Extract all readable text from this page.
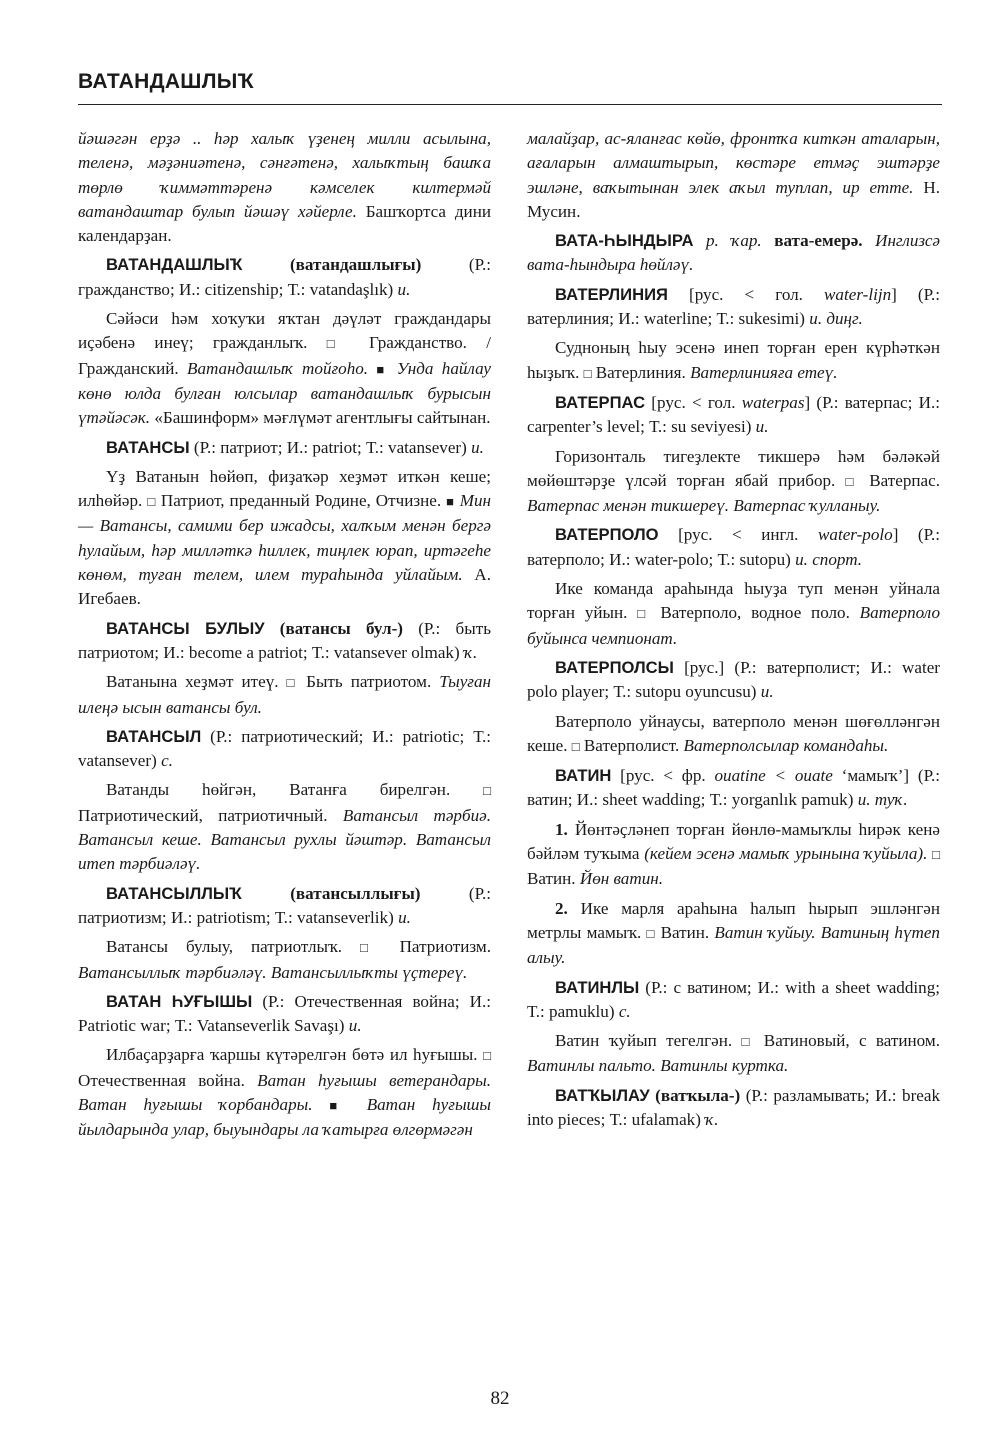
ВАТАНДАШЛЫҠ

йәшәгән ерҙә .. һәр халыҡ үҙенең милли асылына, теленә, мәҙәниәтенә, сәнғәтенә, халыҡтың башҡа төрлө ҡиммәттәренә кәмселек килтермәй ватандаштар булып йәшәү хәйерле. Башҡортса дини календарҙан.

ВАТАНДАШЛЫҠ (ватандашлығы) (Р.: гражданство; И.: citizenship; Т.: vatandaşlık) и.

Сәйәси һәм хоҡуҡи яҡтан дәүләт граждандары иҫәбенә инеү; гражданлыҡ. □ Гражданство. / Гражданский. Ватандашлыҡ тойғоһо. ■ Унда һайлау көнө юлда булған юлсылар ватандашлыҡ бурысын үтәйәсәк. «Башинформ» мәғлүмәт агентлығы сайтынан.

ВАТАНСЫ (Р.: патриот; И.: patriot; Т.: vatansever) и.

Үҙ Ватанын һөйөп, фиҙаҡәр хеҙмәт иткән кеше; илһөйәр. □ Патриот, преданный Родине, Отчизне. ■ Мин — Ватансы, самими бер ижадсы, халҡым менән бергә һулайым, һәр милләткә һиллек, тиңлек юрап, иртәгеһе көнөм, туған телем, илем тураһында уйлайым. А. Игебаев.

ВАТАНСЫ БУЛЫУ (ватансы бул-) (Р.: быть патриотом; И.: become a patriot; Т.: vatansever olmak) ҡ.

Ватанына хеҙмәт итеү. □ Быть патриотом. Тыуған илеңә ысын ватансы бул.

ВАТАНСЫЛ (Р.: патриотический; И.: patriotic; Т.: vatansever) с.

Ватанды һөйгән, Ватанға бирелгән. □ Патриотический, патриотичный. Ватансыл тәрбиә. Ватансыл кеше. Ватансыл рухлы йәштәр. Ватансыл итеп тәрбиәләү.

ВАТАНСЫЛЛЫҠ (ватансыллығы) (Р.: патриотизм; И.: patriotism; Т.: vatanseverlik) и.

Ватансы булыу, патриотлыҡ. □ Патриотизм. Ватансыллыҡ тәрбиәләү. Ватансыллыҡты үҫтереү.

ВАТАН ҺУҒЫШЫ (Р.: Отечественная война; И.: Patriotic war; Т.: Vatanseverlik Savaşı) и.

Илбаҫарҙарға ҡаршы күтәрелгән бөтә ил һуғышы. □ Отечественная война. Ватан һуғышы ветерандары. Ватан һуғышы ҡорбандары. ■ Ватан һуғышы йылдарында улар, быуындары ла ҡатырға өлгөрмәгән

малайҙар, ас-яланғас көйө, фронтҡа киткән аталарын, ағаларын алмаштырып, көстәре етмәҫ эштәрҙе эшләне, ваҡытынан элек аҡыл туплап, ир етте. Н. Мусин.

ВАТА-ҺЫНДЫРА р. ҡар. вата-емерә. Инглизсә вата-һындыра һөйләү.

ВАТЕРЛИНИЯ [рус. < гол. water-lijn] (Р.: ватерлиния; И.: waterline; Т.: sukesimi) и. диңг.

Судноның һыу эсенә инеп торған ерен күрһәткән һыҙыҡ. □ Ватерлиния. Ватерлинияға етеү.

ВАТЕРПАС [рус. < гол. waterpas] (Р.: ватерпас; И.: carpenter’s level; Т.: su seviyesi) и.

Горизонталь тигеҙлекте тикшерә һәм бәләкәй мөйөштәрҙе үлсәй торған ябай прибор. □ Ватерпас. Ватерпас менән тикшереү. Ватерпас ҡулланыу.

ВАТЕРПОЛО [рус. < ингл. water-polo] (Р.: ватерполо; И.: water-polo; Т.: sutopu) и. спорт.

Ике команда араһында һыуҙа туп менән уйнала торған уйын. □ Ватерполо, водное поло. Ватерполо буйынса чемпионат.

ВАТЕРПОЛСЫ [рус.] (Р.: ватерполист; И.: water polo player; Т.: sutopu oyuncusu) и.

Ватерполо уйнаусы, ватерполо менән шөғөлләнгән кеше. □ Ватерполист. Ватерполсылар командаһы.

ВАТИН [рус. < фр. ouatine < ouate ‘мамыҡ’] (Р.: ватин; И.: sheet wadding; Т.: yorganlık pamuk) и. туҡ.

1. Йөнтәҫләнеп торған йөнлө-мамыҡлы һирәк кенә бәйләм туҡыма (кейем эсенә мамыҡ урынына ҡуйыла). □ Ватин. Йөн ватин.

2. Ике марля араһына һалып һырып эшләнгән метрлы мамыҡ. □ Ватин. Ватин ҡуйыу. Ватиның һүтеп алыу.

ВАТИНЛЫ (Р.: с ватином; И.: with a sheet wadding; Т.: pamuklu) с.

Ватин ҡуйып тегелгән. □ Ватиновый, с ватином. Ватинлы пальто. Ватинлы куртка.

ВАТҠЫЛАУ (ватҡыла-) (Р.: разламывать; И.: break into pieces; Т.: ufalamak) ҡ.

82
